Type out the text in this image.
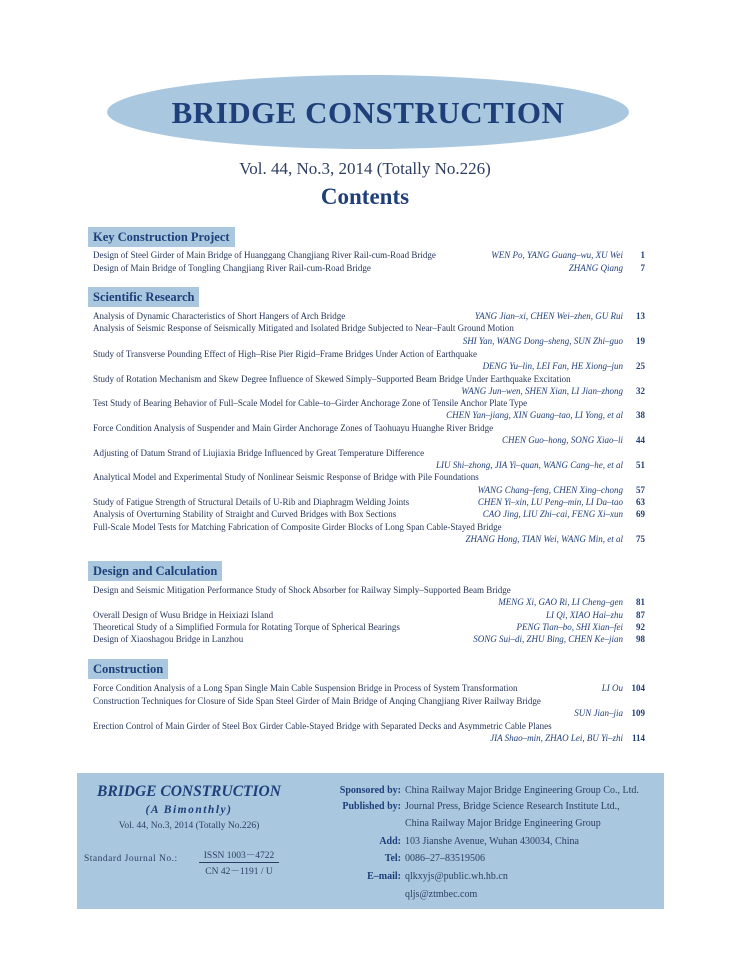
BRIDGE CONSTRUCTION
Vol. 44, No.3, 2014 (Totally No.226)
Contents
Key Construction Project
Design of Steel Girder of Main Bridge of Huanggang Changjiang River Rail-cum-Road Bridge	WEN Po, YANG Guang–wu, XU Wei	1
Design of Main Bridge of Tongling Changjiang River Rail-cum-Road Bridge	ZHANG Qiang	7
Scientific Research
Analysis of Dynamic Characteristics of Short Hangers of Arch Bridge	YANG Jian–xi, CHEN Wei–zhen, GU Rui	13
Analysis of Seismic Response of Seismically Mitigated and Isolated Bridge Subjected to Near–Fault Ground Motion
SHI Yan, WANG Dong–sheng, SUN Zhi–guo	19
Study of Transverse Pounding Effect of High–Rise Pier Rigid–Frame Bridges Under Action of Earthquake
DENG Yu–lin, LEI Fan, HE Xiong–jun	25
Study of Rotation Mechanism and Skew Degree Influence of Skewed Simply–Supported Beam Bridge Under Earthquake Excitation
WANG Jun–wen, SHEN Xian, LI Jian–zhong	32
Test Study of Bearing Behavior of Full–Scale Model for Cable–to–Girder Anchorage Zone of Tensile Anchor Plate Type
CHEN Yan–jiang, XIN Guang–tao, LI Yong, et al	38
Force Condition Analysis of Suspender and Main Girder Anchorage Zones of Taohuayu Huanghe River Bridge
CHEN Guo–hong, SONG Xiao–li	44
Adjusting of Datum Strand of Liujiaxia Bridge Influenced by Great Temperature Difference
LIU Shi–zhong, JIA Yi–quan, WANG Cang–he, et al	51
Analytical Model and Experimental Study of Nonlinear Seismic Response of Bridge with Pile Foundations
WANG Chang–feng, CHEN Xing–chong	57
Study of Fatigue Strength of Structural Details of U-Rib and Diaphragm Welding Joints	CHEN Yi–xin, LU Peng–min, LI Da–tao	63
Analysis of Overturning Stability of Straight and Curved Bridges with Box Sections	CAO Jing, LIU Zhi–cai, FENG Xi–xun	69
Full-Scale Model Tests for Matching Fabrication of Composite Girder Blocks of Long Span Cable-Stayed Bridge
ZHANG Hong, TIAN Wei, WANG Min, et al	75
Design and Calculation
Design and Seismic Mitigation Performance Study of Shock Absorber for Railway Simply–Supported Beam Bridge
MENG Xi, GAO Ri, LI Cheng–gen	81
Overall Design of Wusu Bridge in Heixiazi Island	LI Qi, XIAO Hai–zhu	87
Theoretical Study of a Simplified Formula for Rotating Torque of Spherical Bearings	PENG Tian–bo, SHI Xian–fei	92
Design of Xiaoshagou Bridge in Lanzhou	SONG Sui–di, ZHU Bing, CHEN Ke–jian	98
Construction
Force Condition Analysis of a Long Span Single Main Cable Suspension Bridge in Process of System Transformation	LI Ou 104
Construction Techniques for Closure of Side Span Steel Girder of Main Bridge of Anqing Changjiang River Railway Bridge
SUN Jian–jia 109
Erection Control of Main Girder of Steel Box Girder Cable-Stayed Bridge with Separated Decks and Asymmetric Cable Planes
JIA Shao–min, ZHAO Lei, BU Yi–zhi 114
BRIDGE CONSTRUCTION
(A Bimonthly)
Vol. 44, No.3, 2014 (Totally No.226)
Standard Journal No.:	ISSN 1003－4722
CN 42－1191 / U
Sponsored by: China Railway Major Bridge Engineering Group Co., Ltd.
Published by: Journal Press, Bridge Science Research Institute Ltd.,
China Railway Major Bridge Engineering Group
Add: 103 Jianshe Avenue, Wuhan 430034, China
Tel: 0086–27–83519506
E–mail: qlkxyjs@public.wh.hb.cn
qljs@ztmbec.com
